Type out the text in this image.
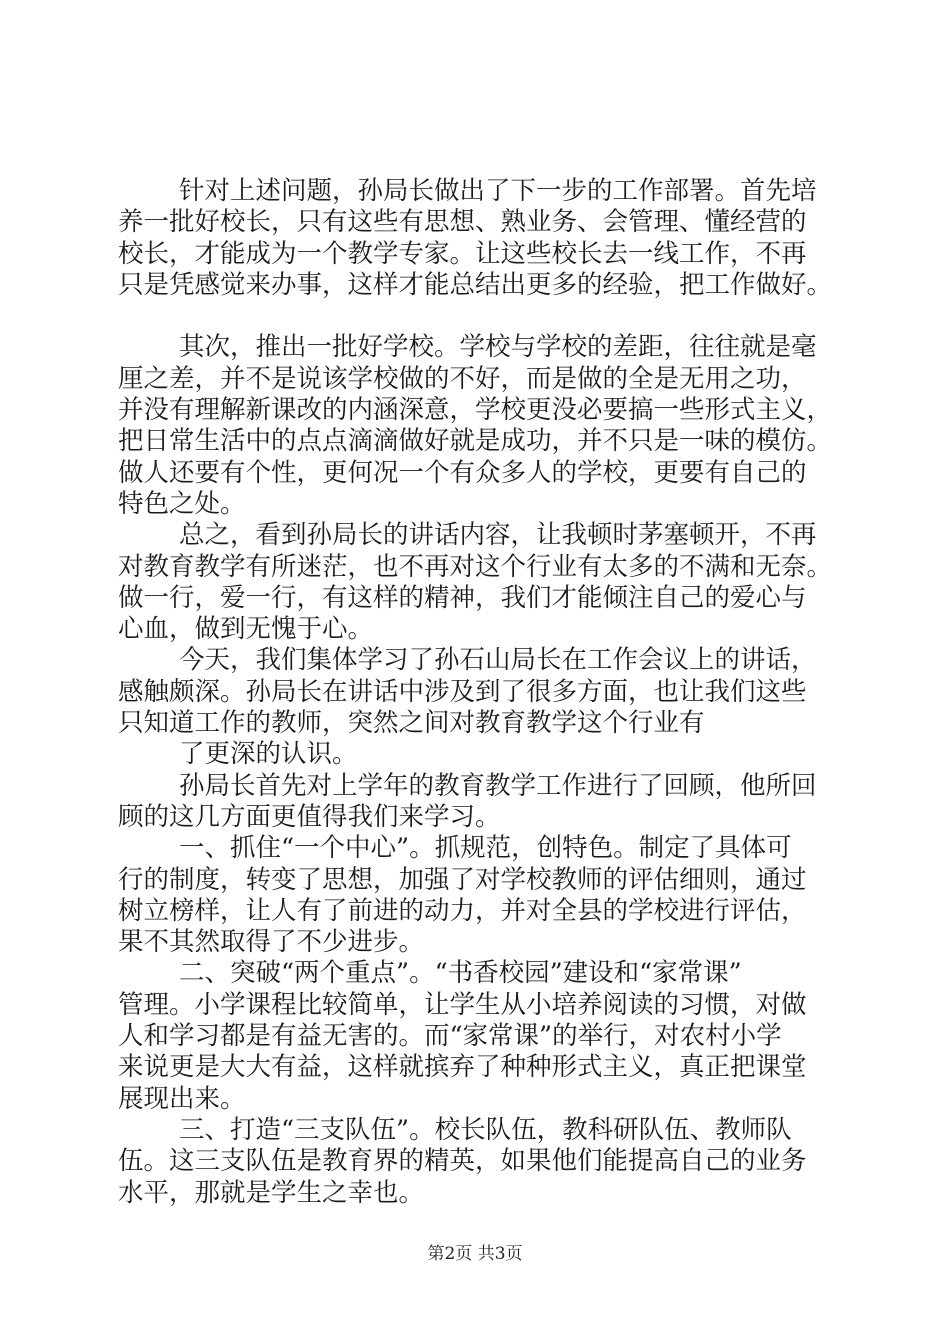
针对上述问题，孙局长做出了下一步的工作部署。首先培
养一批好校长，只有这些有思想、熟业务、会管理、懂经营的
校长，才能成为一个教学专家。让这些校长去一线工作，不再
只是凭感觉来办事，这样才能总结出更多的经验，把工作做好。
其次，推出一批好学校。学校与学校的差距，往往就是毫
厘之差，并不是说该学校做的不好，而是做的全是无用之功，
并没有理解新课改的内涵深意，学校更没必要搞一些形式主义，
把日常生活中的点点滴滴做好就是成功，并不只是一味的模仿。
做人还要有个性，更何况一个有众多人的学校，更要有自己的
特色之处。
总之，看到孙局长的讲话内容，让我顿时茅塞顿开，不再
对教育教学有所迷茫，也不再对这个行业有太多的不满和无奈。
做一行，爱一行，有这样的精神，我们才能倾注自己的爱心与
心血，做到无愧于心。
今天，我们集体学习了孙石山局长在工作会议上的讲话，
感触颇深。孙局长在讲话中涉及到了很多方面，也让我们这些
只知道工作的教师，突然之间对教育教学这个行业有
了更深的认识。
孙局长首先对上学年的教育教学工作进行了回顾，他所回
顾的这几方面更值得我们来学习。
一、抓住“一个中心”。抓规范，创特色。制定了具体可
行的制度，转变了思想，加强了对学校教师的评估细则，通过
树立榜样，让人有了前进的动力，并对全县的学校进行评估，
果不其然取得了不少进步。
二、突破“两个重点”。“书香校园”建设和“家常课”
管理。小学课程比较简单，让学生从小培养阅读的习惯，对做
人和学习都是有益无害的。而“家常课”的举行，对农村小学
来说更是大大有益，这样就摈弃了种种形式主义，真正把课堂
展现出来。
三、打造“三支队伍”。校长队伍，教科研队伍、教师队
伍。这三支队伍是教育界的精英，如果他们能提高自己的业务
水平，那就是学生之幸也。
第2页 共3页
